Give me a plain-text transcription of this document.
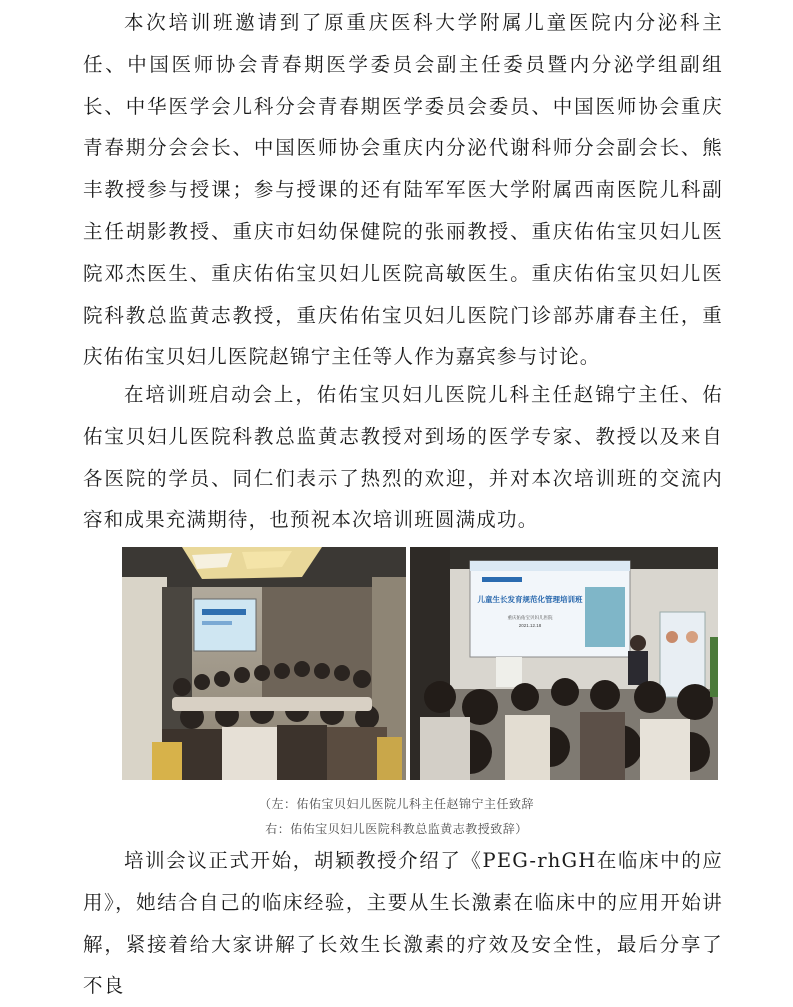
本次培训班邀请到了原重庆医科大学附属儿童医院内分泌科主任、中国医师协会青春期医学委员会副主任委员暨内分泌学组副组长、中华医学会儿科分会青春期医学委员会委员、中国医师协会重庆青春期分会会长、中国医师协会重庆内分泌代谢科师分会副会长、熊丰教授参与授课；参与授课的还有陆军军医大学附属西南医院儿科副主任胡影教授、重庆市妇幼保健院的张丽教授、重庆佑佑宝贝妇儿医院邓杰医生、重庆佑佑宝贝妇儿医院高敏医生。重庆佑佑宝贝妇儿医院科教总监黄志教授，重庆佑佑宝贝妇儿医院门诊部苏庸春主任，重庆佑佑宝贝妇儿医院赵锦宁主任等人作为嘉宾参与讨论。

在培训班启动会上，佑佑宝贝妇儿医院儿科主任赵锦宁主任、佑佑宝贝妇儿医院科教总监黄志教授对到场的医学专家、教授以及来自各医院的学员、同仁们表示了热烈的欢迎，并对本次培训班的交流内容和成果充满期待，也预祝本次培训班圆满成功。

儿童生长发育规范化管理培训班
重庆佑佑宝贝妇儿医院
2021.12.18
（左：佑佑宝贝妇儿医院儿科主任赵锦宁主任致辞
右：佑佑宝贝妇儿医院科教总监黄志教授致辞）

培训会议正式开始，胡颖教授介绍了《PEG-rhGH在临床中的应用》，她结合自己的临床经验，主要从生长激素在临床中的应用开始讲解，紧接着给大家讲解了长效生长激素的疗效及安全性，最后分享了不良
